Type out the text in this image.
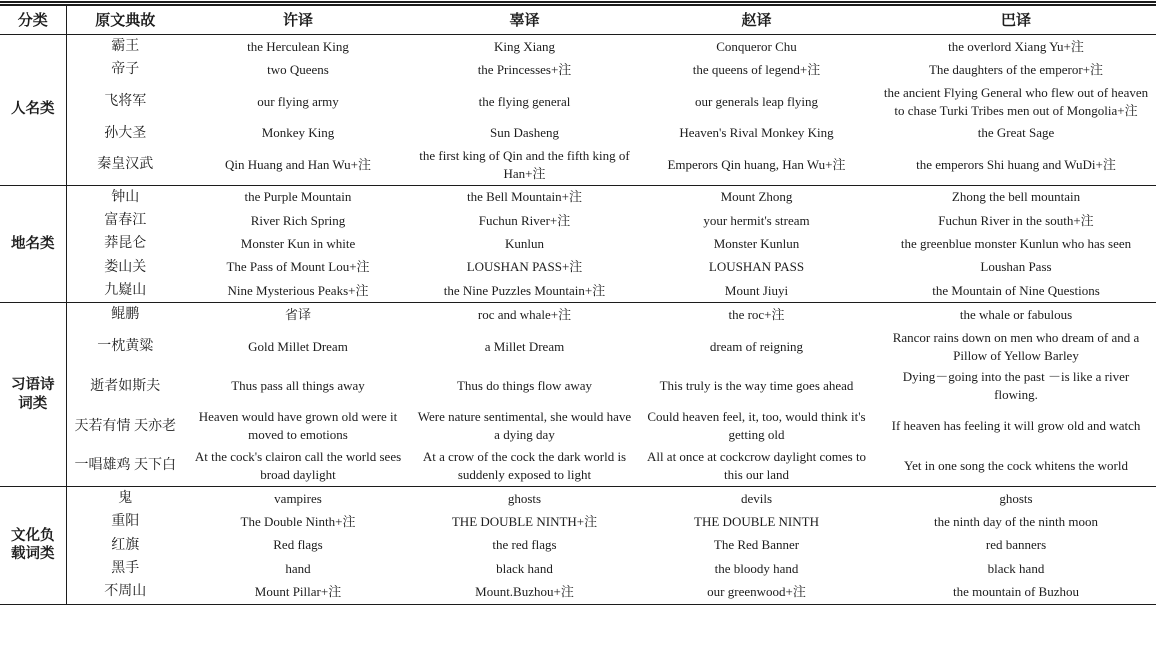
分类	原文典故	许译	辜译	赵译	巴译
人名类	霸王	the Herculean King	King Xiang	Conqueror Chu	the overlord Xiang Yu+注
	帝子	two Queens	the Princesses+注	the queens of legend+注	The daughters of the emperor+注
	飞将军	our flying army	the flying general	our generals leap flying	the ancient Flying General who flew out of heaven to chase Turki Tribes men out of Mongolia+注
	孙大圣	Monkey King	Sun Dasheng	Heaven's Rival Monkey King	the Great Sage
	秦皇汉武	Qin Huang and Han Wu+注	the first king of Qin and the fifth king of Han+注	Emperors Qin huang, Han Wu+注	the emperors Shi huang and WuDi+注
地名类	钟山	the Purple Mountain	the Bell Mountain+注	Mount Zhong	Zhong the bell mountain
	富春江	River Rich Spring	Fuchun River+注	your hermit's stream	Fuchun River in the south+注
	莽昆仑	Monster Kun in white	Kunlun	Monster Kunlun	the greenblue monster Kunlun who has seen
	娄山关	The Pass of Mount Lou+注	LOUSHAN PASS+注	LOUSHAN PASS	Loushan Pass
	九嶷山	Nine Mysterious Peaks+注	the Nine Puzzles Mountain+注	Mount Jiuyi	the Mountain of Nine Questions
习语诗词类	鲲鹏	省译	roc and whale+注	the roc+注	the whale or fabulous
	一枕黄粱	Gold Millet Dream	a Millet Dream	dream of reigning	Rancor rains down on men who dream of and a Pillow of Yellow Barley
	逝者如斯夫	Thus pass all things away	Thus do things flow away	This truly is the way time goes ahead	Dying－going into the past －is like a river flowing.
	天若有情 天亦老	Heaven would have grown old were it moved to emotions	Were nature sentimental, she would have a dying day	Could heaven feel, it, too, would think it's getting old	If heaven has feeling it will grow old and watch
	一唱雄鸡 天下白	At the cock's clairon call the world sees broad daylight	At a crow of the cock the dark world is suddenly exposed to light	All at once at cockcrow daylight comes to this our land	Yet in one song the cock whitens the world
文化负载词类	鬼	vampires	ghosts	devils	ghosts
	重阳	The Double Ninth+注	THE DOUBLE NINTH+注	THE DOUBLE NINTH	the ninth day of the ninth moon
	红旗	Red flags	the red flags	The Red Banner	red banners
	黑手	hand	black hand	the bloody hand	black hand
	不周山	Mount Pillar+注	Mount.Buzhou+注	our greenwood+注	the mountain of Buzhou
